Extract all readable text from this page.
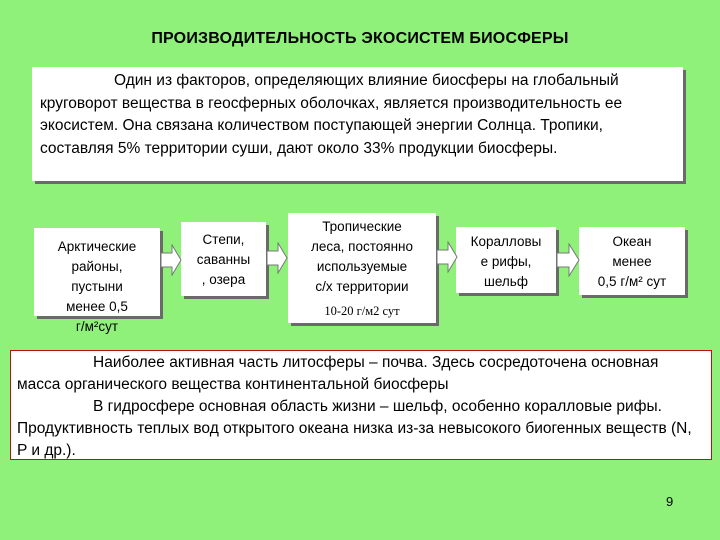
ПРОИЗВОДИТЕЛЬНОСТЬ ЭКОСИСТЕМ БИОСФЕРЫ

Один из факторов, определяющих влияние биосферы на глобальный круговорот вещества в геосферных оболочках, является производительность ее экосистем. Она связана количеством поступающей энергии Солнца. Тропики, составляя 5% территории суши, дают около 33% продукции биосферы.

Арктические
районы,
пустыни
менее 0,5
г/м²сут
Степи,
саванны
, озера
Тропические
леса, постоянно
используемые
с/х территории
10-20 г/м2 сут
Коралловы
е рифы,
шельф
Океан
менее
0,5 г/м² сут

Наиболее активная часть литосферы – почва. Здесь сосредоточена основная масса органического вещества континентальной биосферы

В гидросфере основная область жизни – шельф, особенно коралловые рифы. Продуктивность теплых вод открытого океана низка из-за невысокого биогенных веществ (N, P и др.).

9
